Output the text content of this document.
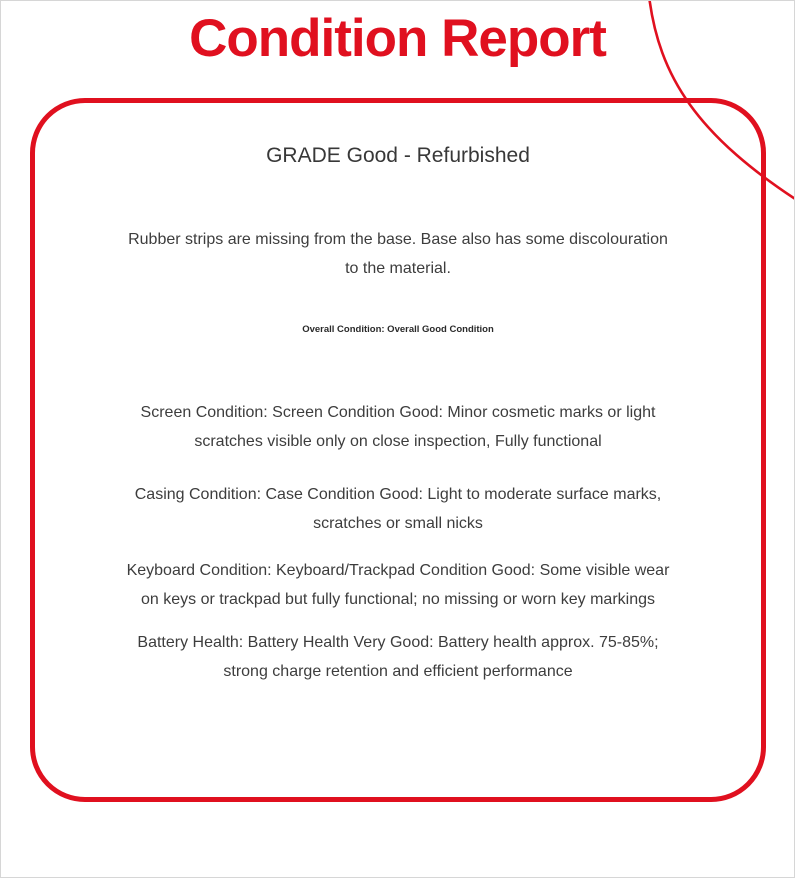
Condition Report
GRADE Good - Refurbished
Rubber strips are missing from the base. Base also has some discolouration
to the material.
Overall Condition: Overall Good Condition
Screen Condition: Screen Condition Good: Minor cosmetic marks or light
scratches visible only on close inspection, Fully functional
Casing Condition: Case Condition Good: Light to moderate surface marks,
scratches or small nicks
Keyboard Condition: Keyboard/Trackpad Condition Good: Some visible wear
on keys or trackpad but fully functional; no missing or worn key markings
Battery Health: Battery Health Very Good: Battery health approx. 75-85%;
strong charge retention and efficient performance
